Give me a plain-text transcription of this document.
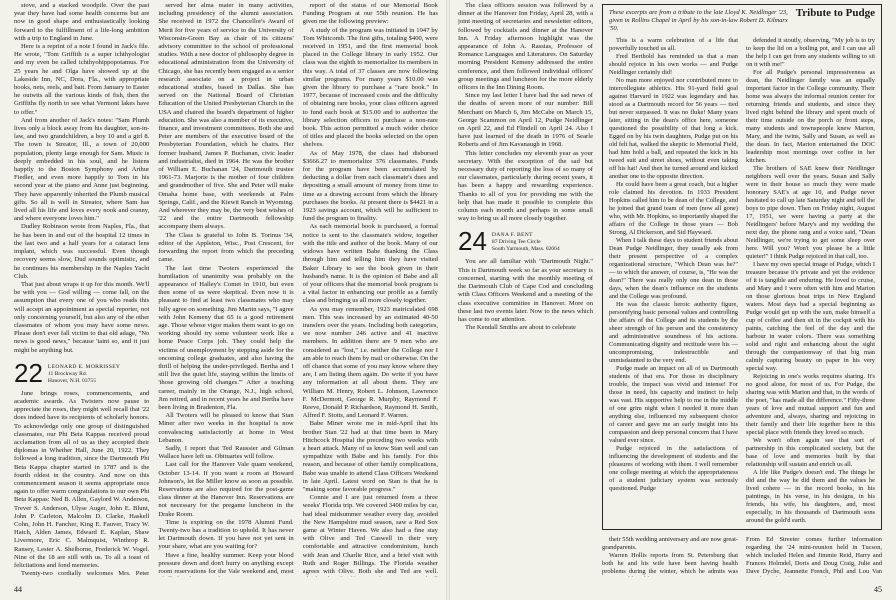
stove, and a stacked woodpile. Over the past year they have had some health concerns but are now in good shape and enthusiastically looking forward to the fulfillment of a life-long ambition with a trip to England in June.

Here is a reprint of a note I found in Jack's file. He wrote, "Tom Griffith is a super ichthyologist and my even be called ichthyohippopotamus. For 25 years he and Olga have showed up at the Lakeside Inn, NC, Dora, Fla., with appropriate books, nets, reels, and bait. From January to Easter he outwits all the various kinds of fish, then the Griffiths fly north to see what Vermont lakes have to offer."

And from another of Jack's notes: "Sam Plumb lives only a block away from his daughter, son-in-law, and two grandchildren, a boy 10 and a girl 8. The town is Streator, Ill., a town of 20,000 population, plenty large enough for Sam. Music is deeply embedded in his soul, and he listens happily to the Boston Symphony and Arthur Fiedler, and even more happily to Tom in his second year at the piano and Anne just beginning. They have apparently inherited the Plumb musical gifts. So all is well in Streator, where Sam has lived all his life and loves every nook and cranny, and where everyone loves him."

Dudley Robinson wrote from Naples, Fla., that he has been in and out of the hospital 12 times in the last two and a half years for a cataract lens implant, which was successful. Even though recovery seems slow, Dud sounds optimistic, and he continues his membership in the Naples Yacht Club.

That just about wraps it up for this month. We'll be with you — God willing — come fall, on the assumption that every one of you who reads this will accept an appointment as special reporter, not only concerning yourself, but also any of the other classmates of whom you may have some news. Please don't ever fall victim to that old adage, "No news is good news," because 'taint so, and it just might be anything but.

22 LEONARD E. MORRISSEY
11 Brockway Rd.
Hanover, N.H. 03755

June brings roses, commencements, and academic awards. As Twisters now pause to appreciate the roses, they might well recall that '22 does indeed have its recipients of scholarly honors. To acknowledge only one group of distinguished classmates, our Phi Beta Kappas received proud acclamation from all of us as they accepted their diplomas in Whether Hall, June 20, 1922. They followed a long tradition, since the Dartmouth Phi Beta Kappa chapter started in 1787 and is the fourth oldest in the country. And now on this commencement season it seems appropriate once again to offer warm congratulations to our own Phi Beta Kappas: Ned B. Allen, Gaylord W. Anderson, Trever S. Anderson, Ulyse Auger, John E. Blunt, John P. Carleton, Malcolm D. Clarke, Haskell Cohn, John H. Fancher, King E. Fauver, Tracy W. Hatch, Alden James, Edward E. Kaplan, Shaw Livermore, Eric C. Malmquist, Winthrop R. Ransey, Lester A. Shelborne, Frederick W. Vogel. Nine of the 18 are still with us. To all a toast of felicitations and fond memories.

Twenty-two cordially welcomes Mrs. Peter

served her alma mater in many activities, including presidency of the alumni association. She received in 1972 the Chancellor's Award of Merit for five years of service to the University of Wisconsin-Green Bay as chair of its citizens' advisory committee to the school of professional studies. With a new doctor of philosophy degree in educational administration from the University of Chicago, she has recently been engaged as a senior research associate on a project in urban educational studies, based in Dallas. She has served on the National Board of Christian Education of the United Presbyterian Church in the USA and chaired the board's department of higher education. She was also a member of its executive, finance, and investment committees. Both she and Peter are members of the executive board of the Presbyterian Foundation, which he chairs. Her former husband, James P. Buchanan, civic leader and industrialist, died in 1964. He was the brother of William E. Buchanan '24, Dartmouth trustee 1961-73. Marjorie is the mother of four children and grandmother of five. She and Peter will make Omaha home base, with weekends at Palm Springs, Calif., and the Kiewit Ranch in Wyoming. And wherever they may be, the very best wishes of '22 and the entire Dartmouth fellowship accompany them always.

The Class is grateful to John B. Torinus '34, editor of the Appleton, Wisc., Post Crescent, for forwarding the report from which the preceding came.

The last time Twoters experienced the humiliation of unanimity was probably on the appearance of Halley's Comet in 1910, but even then some of us were skeptical. Even now it is pleasant to find at least two classmates who may fully agree on something. Jim Martin says, "I agree with John Kemeny that 65 is a good retirement age. Those whose vigor makes them want to go on working should try some volunteer work like a home Peace Corps job. They could help the victims of unemployment by stepping aside for the oncoming college graduates, and also having the thrill of helping the under-privileged. Bertha and I still live the quiet life, staying within the limits of 'those growing old changes.'" After a teaching career, mainly in the Orange, N.J., high school, Jim retired, and in recent years he and Bertha have been living in Bradenton, Fla.

All Twoters will be pleased to know that Stan Miner after two weeks in the hospital is now convalescing satisfactorily at home in West Lebanon.

Sadly, I report that Ted Raussier and Gilman Wallace have left us. Obituaries will follow.

Last call for the Hanover Vale quam weekend, October 13-14. If you want a room at Howard Johnson's, let Ike Miller know as soon as possible. Reservations are also required for the post-game class dinner at the Hanover Inn. Reservations are not necessary for the pregame luncheon in the Drake Room.

Time is expiring on the 1978 Alumni Fund. Twenty-two has a tradition to uphold. It has never let Dartmouth down. If you have not yet sent in your share, what are you waiting for?

Have a fine, healthy summer. Keep your blood pressure down and don't hurry on anything except room reservations for the Vale weekend and, most

report of the status of our Memorial Book Funding Program at our 55th reunion. He has given me the following preview:

A study of the program was initiated in 1947 by Tom Whitcomb. The first gifts, totaling $400, were received in 1951, and the first memorial book placed in the College library in early 1952. Our class was the eighth to memorialize its members in this way. A total of 37 classes are now following similar programs. For many years $10.00 was given the library to purchase a "rare book." In 1977, because of increased costs and the difficulty of obtaining rare books, your class officers agreed to fund each book at $15.00 and to authorize the library selection officers to purchase a non-rare book. This action permitted a much wider choice of titles and placed the books selected on the open shelves.

As of May 1978, the class had disbursed $3666.27 to memorialize 376 classmates. Funds for the program have been accumulated by deducting a dollar from each classmate's dues and depositing a small amount of money from time to time as a drawing account from which the library purchases the books. At present there is $4421 in a 1923 savings account, which will be sufficient to fund the program to finality.

As each memorial book is purchased, a formal notice is sent to the classmate's widow, together with the title and author of the book. Many of our widows have written Babe thanking the Class through him and telling him they have visited Baker Library to see the book given in their husband's name. It is the opinion of Babe and all of your officers that the memorial book program is a vital factor in enhancing our profile as a family class and bringing us all more closely together.

As you may remember, 1923 matriculated 698 men. This was increased by an estimated 40-50 transfers over the years. Including both categories, we now number 246 active and 41 inactive members. In addition there are 9 men who are considered as "lost," i.e. neither the College nor I am able to reach them by mail or otherwise. On the off chance that some of you may know where they are, I am listing them again. Do write if you have any information at all about them. They are William M. Henry, Robert L. Johnson, Lawrence F. McDermott, George R. Murphy, Raymond F. Reeve, Donald P. Richardson, Raymond H. Smith, Alfred F. Stotts, and Leonard F. Warren.

Babe Miner wrote me in mid-April that his brother Stan '22 had at that time been in Mary Hitchcock Hospital the preceding two weeks with a heart attack. Many of us know Stan well and can sympathize with Babe and his family. For this reason, and because of other family complications, Babe was unable to attend Class Officers Weekend in late April. Latest word on Stan is that he is "making some favorable progress."

Connie and I are just returned from a three weeks' Florida trip. We covered 3400 miles by car, had ideal midsummer weather every day, avoided the New Hampshire mud season, saw a Red Sox game at Winter Haven. We also had a fine stay with Olive and Ted Caswell in their very comfortable and attractive condominium, lunch with Jean and Charlie Rice, and a brief visit with Ruth and Roger Billings. The Florida weather agrees with Olive. Both she and Ted are well.

44

The class officers session was followed by a dinner at the Hanover Inn Friday, April 28, with a joint meeting of secretaries and newsletter editors, followed by cocktails and dinner at the Hanover Inn. A Friday afternoon highlight was the appearance of John A. Rassias, Professor of Romance Languages and Literatures. On Saturday morning President Kemeny addressed the entire conference, and then followed individual officers' group meetings and luncheon for the more elderly officers in the Inn Dining Room.

Since my last letter I have had the sad news of the deaths of seven more of our number: Bill Merchant on March 6, Jim McCabe on March 15, George Scammon on April 12, Pudge Neidlinger on April 22, and Ed Flindell on April 24. Also I have just learned of the death in 1976 of Searle Roberts and of Jim Kavanaugh in 1968.

This letter concludes my eleventh year as your secretary. With the exception of the sad but necessary duty of reporting the loss of so many of our classmates, particularly during recent years, it has been a happy and rewarding experience. Thanks to all of you for providing me with the help that has made it possible to complete this column each month and perhaps in some small way to bring us all more closely together.

24 DANA F. BENT
87 Driving Tee Circle
South Yarmouth, Mass. 02664

You are all familiar with "Dartmouth Night." This is Dartmouth week so far as your secretary is concerned, starting with the monthly meeting of the Dartmouth Club of Cape Cod and concluding with Class Officers Weekend and a meeting of the class executive committee in Hanover. More on these last two events later. Now to the news which has come to our attention.

The Kendall Smiths are about to celebrate

These excerpts are from a tribute to the late Lloyd K. Neidlinger '23, given in Rollins Chapel in April by his son-in-law Robert D. Kilmarx '50.
Tribute to Pudge

This is a warm celebration of a life that powerfully touched us all.

Fred Berthold has reminded us that a man should rejoice in his own works — and Pudge Neidlinger certainly did!

No man more enjoyed nor contributed more to intercollegiate athletics. His 91-yard field goal against Harvard in 1922 was legendary and has stood as a Dartmouth record for 56 years — tied but never surpassed. It was no fluke! Many years later, sitting in the dean's office here, someone questioned the possibility of that long a kick. Egged on by his twin daughters, Pudge put on his old felt hat, walked the skeptic to Memorial Field, had him hold a ball, and repeated the kick in his tweed suit and street shoes, without even taking off his hat! And then he turned around and kicked another one to the opposite direction.

He could have been a great coach, but a higher role claimed his devotion. In 1933 President Hopkins called him to be dean of the College, and he joined that grand team of men (now all gone) who, with Mr. Hopkins, so importantly shaped the affairs of the College in those years — Bob Strong, Al Dickerson, and Sid Hayward.

When I talk these days to student friends about Dean Pudge Neidlinger, they usually ask from their present perspective of a complex organizational structure, "Which Dean was he?" — to which the answer, of course, is, "He was the dean!" There was really only one dean in those days, when the dean's influence on the students and the College was profound.

He was the classic heroic authority figure, personifying basic personal values and controlling the affairs of the College and its students by the sheer strength of his person and the consistency and administrative soundness of his actions. Communicating dignity and rectitude were his — uncompromising, indestructible and unmisdaunted to the very end.

Pudge made an impact on all of us Dartmouth students of that era. For those in disciplinary trouble, the impact was vivid and intense! For those in need, his capacity and instinct to help was vast. His supportive help to me in the middle of one grim night when I needed it more than anything else, influenced my subsequent choice of career and gave me an early insight into his compassion and deep personal concern that I have valued ever since.

Pudge rejoiced in the satisfactions of influencing the development of students and the pleasures of working with them. I well remember one college meeting at which the appropriateness of a student judiciary system was seriously questioned. Pudge

defended it stoutly, observing, "My job is to try to keep the lid on a boiling pot, and I can use all the help I can get from any students willing to sit on it with me!"

For all Pudge's personal impressiveness as dean, the Neidlinger family was an equally important factor in the College community. Their home was always the informal reunion center for returning friends and students, and since they lived right behind the library and spent much of their time outside on the porch or front steps, many students and townspeople knew Marion, Mary, and the twins, Sally and Susan, as well as the dean. In fact, Marion entertained the DOC leadership most mornings over coffee in her kitchen.

The brothers of SAE knew their Neidlinger neighbors well over the years. Susan and Sally were in their house so much they were made honorary SAE's at age 10, and Pudge never hesitated to call up late Saturday night and tell the boys to pipe down. Then on Friday night, August 17, 1951, we were having a party at the Neidlingers' before Mary's and my wedding the next day, the phone rang and a voice said, "Dean Neidlinger, we're trying to get some sleep over here. Will you? Won't you please be a little quieter!" I think Pudge rejoiced in that call, too.

I have my own special image of Pudge, which I treasure because it's private and yet the evidence of it is tangible and enduring. He loved to cruise, and Mary and I were often with him and Marion on those glorious boat trips in New England waters. Most days had a special beginning as Pudge would get up with the sun, make himself a cup of coffee and then sit in the cockpit with his paints, catching the feel of the day and the harbour in water colors. There was something solid and right and enhancing about the sight through the companionway of that big man calmly capturing beauty on paper in his very special way.

Rejoicing in one's works requires sharing. It's no good alone, for most of us. For Pudge, the sharing was with Marion and that, in the words of the poet, "has made all the difference." Fifty-three years of love and mutual support and fun and adventure and, always, sharing and rejoicing in their family and their life together here in this special place with friends they loved so much.

We won't often again see that sort of partnership in this complicated society, but the base of love and memories built by that relationship will sustain and enrich us all.

A life like Pudge's doesn't end. The things he did and the way he did them and the values he lived cohere — in the record books, in his paintings, in his verse, in his designs, in his friends, his wife, his daughters, and, most especially, in his thousands of Dartmouth sons around the gold'd earth.

their 55th wedding anniversary and are now great-grandparents.

Warren Hollis reports from St. Petersburg that both he and his wife have been having health problems during the winter, which he admits was

From Ed Streeter comes further information regarding the '24 mini-reunion held in Tucson, which included Helen and Jimmie Reid, Harry and Frances Holmdel, Doris and Doug Craig, Julie and Dave Dyche, Jeannette French, Phil and Lou Van
45
